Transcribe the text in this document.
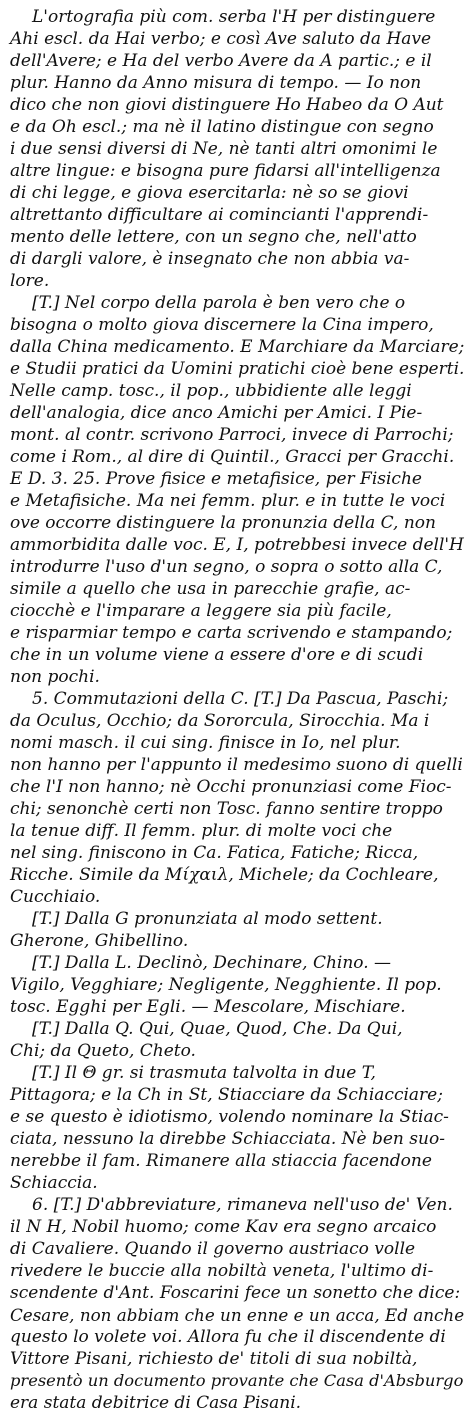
L'ortografia più com. serba l'H per distinguere
Ahi escl. da Hai verbo; e così Ave saluto da Have
dell'Avere; e Ha del verbo Avere da A partic.; e il
plur. Hanno da Anno misura di tempo. — Io non
dico che non giovi distinguere Ho Habeo da O Aut
e da Oh escl.; ma nè il latino distingue con segno
i due sensi diversi di Ne, nè tanti altri omonimi le
altre lingue: e bisogna pure fidarsi all'intelligenza
di chi legge, e giova esercitarla: nè so se giovi
altrettanto difficultare ai comincianti l'apprendi-
mento delle lettere, con un segno che, nell'atto
di dargli valore, è insegnato che non abbia va-
lore.
[T.] Nel corpo della parola è ben vero che o
bisogna o molto giova discernere la Cina impero,
dalla China medicamento. E Marchiare da Marciare;
e Studii pratici da Uomini pratichi cioè bene esperti.
Nelle camp. tosc., il pop., ubbidiente alle leggi
dell'analogia, dice anco Amichi per Amici. I Pie-
mont. al contr. scrivono Parroci, invece di Parrochi;
come i Rom., al dire di Quintil., Gracci per Gracchi.
E D. 3. 25. Prove fisice e metafisice, per Fisiche
e Metafisiche. Ma nei femm. plur. e in tutte le voci
ove occorre distinguere la pronunzia della C, non
ammorbidita dalle voc. E, I, potrebbesi invece dell'H
introdurre l'uso d'un segno, o sopra o sotto alla C,
simile a quello che usa in parecchie grafie, ac-
ciocchè e l'imparare a leggere sia più facile,
e risparmiar tempo e carta scrivendo e stampando;
che in un volume viene a essere d'ore e di scudi
non pochi.
5. Commutazioni della C. [T.] Da Pascua, Paschi;
da Oculus, Occhio; da Sororcula, Sirocchia. Ma i
nomi masch. il cui sing. finisce in Io, nel plur.
non hanno per l'appunto il medesimo suono di quelli
che l'I non hanno; nè Occhi pronunziasi come Fioc-
chi; senonchè certi non Tosc. fanno sentire troppo
la tenue diff. Il femm. plur. di molte voci che
nel sing. finiscono in Ca. Fatica, Fatiche; Ricca,
Ricche. Simile da Μίχαιλ, Michele; da Cochleare,
Cucchiaio.
[T.] Dalla G pronunziata al modo settent.
Gherone, Ghibellino.
[T.] Dalla L. Declinò, Dechinare, Chino. —
Vigilo, Vegghiare; Negligente, Negghiente. Il pop.
tosc. Egghi per Egli. — Mescolare, Mischiare.
[T.] Dalla Q. Qui, Quae, Quod, Che. Da Qui,
Chi; da Queto, Cheto.
[T.] Il Θ gr. si trasmuta talvolta in due T,
Pittagora; e la Ch in St, Stiacciare da Schiacciare;
e se questo è idiotismo, volendo nominare la Stiac-
ciata, nessuno la direbbe Schiacciata. Nè ben suo-
nerebbe il fam. Rimanere alla stiaccia facendone
Schiaccia.
6. [T.] D'abbreviature, rimaneva nell'uso de' Ven.
il N H, Nobil huomo; come Kav era segno arcaico
di Cavaliere. Quando il governo austriaco volle
rivedere le buccie alla nobiltà veneta, l'ultimo di-
scendente d'Ant. Foscarini fece un sonetto che dice:
Cesare, non abbiam che un enne e un acca, Ed anche
questo lo volete voi. Allora fu che il discendente di
Vittore Pisani, richiesto de' titoli di sua nobiltà,
presentò un documento provante che Casa d'Absburgo
era stata debitrice di Casa Pisani.
